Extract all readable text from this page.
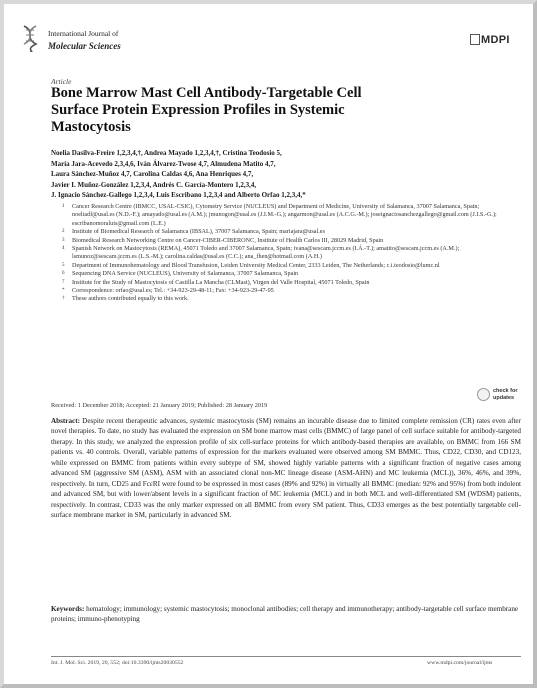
International Journal of
Molecular Sciences	MDPI
Article
Bone Marrow Mast Cell Antibody-Targetable Cell Surface Protein Expression Profiles in Systemic Mastocytosis
Noelia Dasilva-Freire 1,2,3,4,†, Andrea Mayado 1,2,3,4,†, Cristina Teodosio 5,
María Jara-Acevedo 2,3,4,6, Iván Álvarez-Twose 4,7, Almudena Matito 4,7,
Laura Sánchez-Muñoz 4,7, Carolina Caldas 4,6, Ana Henriques 4,7,
Javier I. Muñoz-González 1,2,3,4, Andrés C. García-Montero 1,2,3,4,
J. Ignacio Sánchez-Gallego 1,2,3,4, Luis Escribano 1,2,3,4 and Alberto Orfao 1,2,3,4,*
1 Cancer Research Centre (IBMCC, USAL-CSIC), Cytometry Service (NUCLEUS) and Department of Medicine, University of Salamanca, 37007 Salamanca, Spain; noeliadf@usal.es (N.D.-F.); amayado@usal.es (A.M.); jmunogon@usal.es (J.I.M.-G.); angarmon@usal.es (A.C.G.-M.); joseignaciosanchezgallego@gmail.com (J.I.S.-G.); escribanomoraluis@gmail.com (L.E.)
2 Institute of Biomedical Research of Salamanca (IBSAL), 37007 Salamanca, Spain; mariajara@usal.es
3 Biomedical Research Networking Centre on Cancer-CIBER-CIBERONC, Institute of Health Carlos III, 28029 Madrid, Spain
4 Spanish Network on Mastocytosis (REMA), 45071 Toledo and 37007 Salamanca, Spain; ivana@sescam.jccm.es (I.Á.-T.); amatito@sescam.jccm.es (A.M.); lsmunoz@sescam.jccm.es (L.S.-M.); carolina.caldas@usal.es (C.C.); ana_fhen@hotmail.com (A.H.)
5 Department of Immunohematology and Blood Transfusion, Leiden University Medical Center, 2333 Leiden, The Netherlands; c.i.teodosio@lumc.nl
6 Sequencing DNA Service (NUCLEUS), University of Salamanca, 37007 Salamanca, Spain
7 Institute for the Study of Mastocytosis of Castilla La Mancha (CLMast), Virgen del Valle Hospital, 45071 Toledo, Spain
* Correspondence: orfao@usal.es; Tel.: +34-923-29-48-11; Fax: +34-923-29-47-95
† These authors contributed equally to this work.
Received: 1 December 2018; Accepted: 21 January 2019; Published: 28 January 2019
check for
updates
Abstract: Despite recent therapeutic advances, systemic mastocytosis (SM) remains an incurable disease due to limited complete remission (CR) rates even after novel therapies. To date, no study has evaluated the expression on SM bone marrow mast cells (BMMC) of large panel of cell surface suitable for antibody-targeted therapy. In this study, we analyzed the expression profile of six cell-surface proteins for which antibody-based therapies are available, on BMMC from 166 SM patients vs. 40 controls. Overall, variable patterns of expression for the markers evaluated were observed among SM BMMC. Thus, CD22, CD30, and CD123, while expressed on BMMC from patients within every subtype of SM, showed highly variable patterns with a significant fraction of negative cases among advanced SM (aggressive SM (ASM), ASM with an associated clonal non-MC lineage disease (ASM-AHN) and MC leukemia (MCL)), 36%, 46%, and 39%, respectively. In turn, CD25 and FcεRI were found to be expressed in most cases (89% and 92%) in virtually all BMMC (median: 92% and 95%) from both indolent and advanced SM, but with lower/absent levels in a significant fraction of MC leukemia (MCL) and in both MCL and well-differentiated SM (WDSM) patients, respectively. In contrast, CD33 was the only marker expressed on all BMMC from every SM patient. Thus, CD33 emerges as the best potentially targetable cell-surface membrane marker in SM, particularly in advanced SM.
Keywords: hematology; immunology; systemic mastocytosis; monoclonal antibodies; cell therapy and immunotherapy; antibody-targetable cell surface membrane proteins; immuno-phenotyping
Int. J. Mol. Sci. 2019, 20, 552; doi:10.3390/ijms20030552	www.mdpi.com/journal/ijms
